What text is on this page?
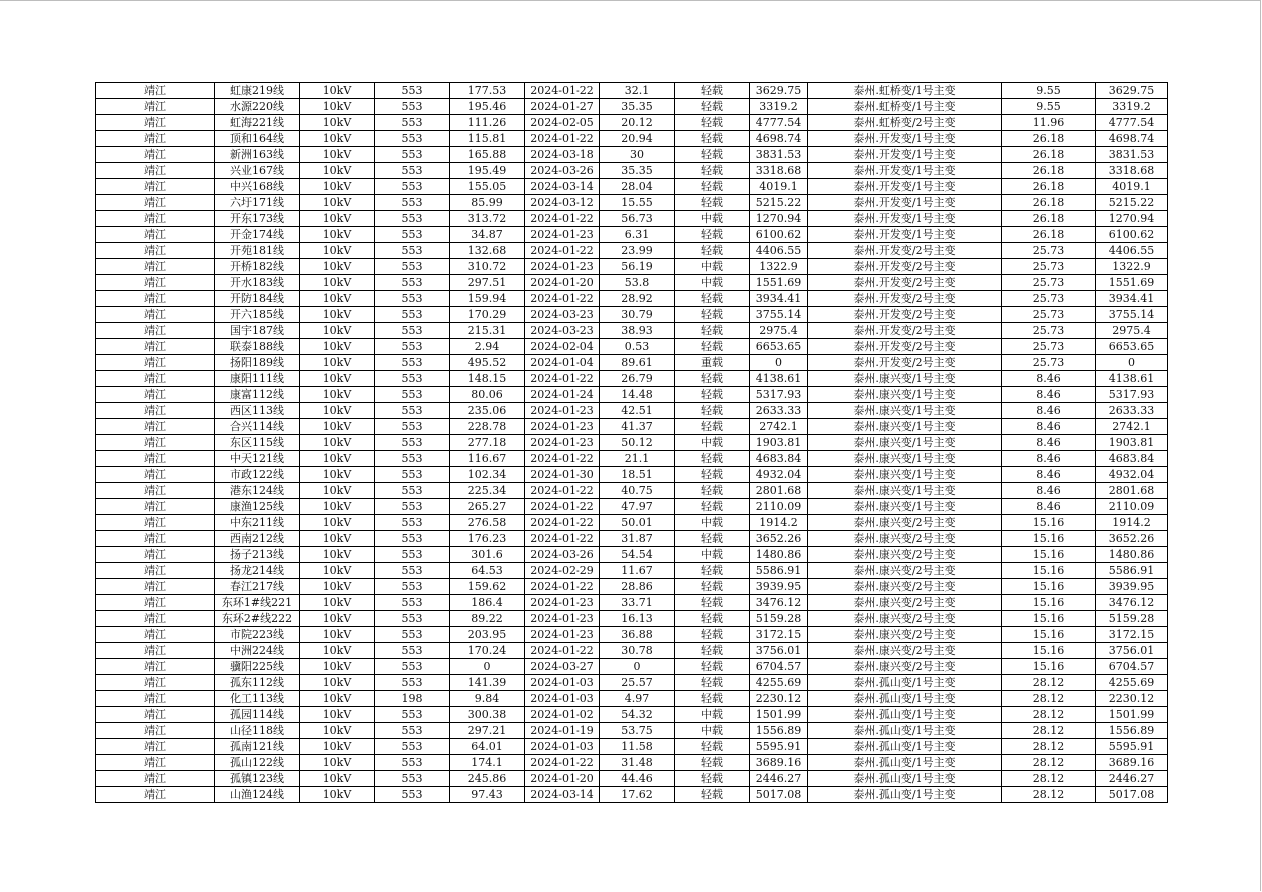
靖江	虹康219线	10kV	553	177.53	2024-01-22	32.1	轻载	3629.75	泰州.虹桥变/1号主变	9.55	3629.75
靖江	水源220线	10kV	553	195.46	2024-01-27	35.35	轻载	3319.2	泰州.虹桥变/1号主变	9.55	3319.2
靖江	虹海221线	10kV	553	111.26	2024-02-05	20.12	轻载	4777.54	泰州.虹桥变/2号主变	11.96	4777.54
靖江	顶和164线	10kV	553	115.81	2024-01-22	20.94	轻载	4698.74	泰州.开发变/1号主变	26.18	4698.74
靖江	新洲163线	10kV	553	165.88	2024-03-18	30	轻载	3831.53	泰州.开发变/1号主变	26.18	3831.53
靖江	兴业167线	10kV	553	195.49	2024-03-26	35.35	轻载	3318.68	泰州.开发变/1号主变	26.18	3318.68
靖江	中兴168线	10kV	553	155.05	2024-03-14	28.04	轻载	4019.1	泰州.开发变/1号主变	26.18	4019.1
靖江	六圩171线	10kV	553	85.99	2024-03-12	15.55	轻载	5215.22	泰州.开发变/1号主变	26.18	5215.22
靖江	开东173线	10kV	553	313.72	2024-01-22	56.73	中载	1270.94	泰州.开发变/1号主变	26.18	1270.94
靖江	开金174线	10kV	553	34.87	2024-01-23	6.31	轻载	6100.62	泰州.开发变/1号主变	26.18	6100.62
靖江	开苑181线	10kV	553	132.68	2024-01-22	23.99	轻载	4406.55	泰州.开发变/2号主变	25.73	4406.55
靖江	开桥182线	10kV	553	310.72	2024-01-23	56.19	中载	1322.9	泰州.开发变/2号主变	25.73	1322.9
靖江	开水183线	10kV	553	297.51	2024-01-20	53.8	中载	1551.69	泰州.开发变/2号主变	25.73	1551.69
靖江	开防184线	10kV	553	159.94	2024-01-22	28.92	轻载	3934.41	泰州.开发变/2号主变	25.73	3934.41
靖江	开六185线	10kV	553	170.29	2024-03-23	30.79	轻载	3755.14	泰州.开发变/2号主变	25.73	3755.14
靖江	国宇187线	10kV	553	215.31	2024-03-23	38.93	轻载	2975.4	泰州.开发变/2号主变	25.73	2975.4
靖江	联泰188线	10kV	553	2.94	2024-02-04	0.53	轻载	6653.65	泰州.开发变/2号主变	25.73	6653.65
靖江	扬阳189线	10kV	553	495.52	2024-01-04	89.61	重载	0	泰州.开发变/2号主变	25.73	0
靖江	康阳111线	10kV	553	148.15	2024-01-22	26.79	轻载	4138.61	泰州.康兴变/1号主变	8.46	4138.61
靖江	康富112线	10kV	553	80.06	2024-01-24	14.48	轻载	5317.93	泰州.康兴变/1号主变	8.46	5317.93
靖江	西区113线	10kV	553	235.06	2024-01-23	42.51	轻载	2633.33	泰州.康兴变/1号主变	8.46	2633.33
靖江	合兴114线	10kV	553	228.78	2024-01-23	41.37	轻载	2742.1	泰州.康兴变/1号主变	8.46	2742.1
靖江	东区115线	10kV	553	277.18	2024-01-23	50.12	中载	1903.81	泰州.康兴变/1号主变	8.46	1903.81
靖江	中天121线	10kV	553	116.67	2024-01-22	21.1	轻载	4683.84	泰州.康兴变/1号主变	8.46	4683.84
靖江	市政122线	10kV	553	102.34	2024-01-30	18.51	轻载	4932.04	泰州.康兴变/1号主变	8.46	4932.04
靖江	港东124线	10kV	553	225.34	2024-01-22	40.75	轻载	2801.68	泰州.康兴变/1号主变	8.46	2801.68
靖江	康渔125线	10kV	553	265.27	2024-01-22	47.97	轻载	2110.09	泰州.康兴变/1号主变	8.46	2110.09
靖江	中东211线	10kV	553	276.58	2024-01-22	50.01	中载	1914.2	泰州.康兴变/2号主变	15.16	1914.2
靖江	西南212线	10kV	553	176.23	2024-01-22	31.87	轻载	3652.26	泰州.康兴变/2号主变	15.16	3652.26
靖江	扬子213线	10kV	553	301.6	2024-03-26	54.54	中载	1480.86	泰州.康兴变/2号主变	15.16	1480.86
靖江	扬龙214线	10kV	553	64.53	2024-02-29	11.67	轻载	5586.91	泰州.康兴变/2号主变	15.16	5586.91
靖江	春江217线	10kV	553	159.62	2024-01-22	28.86	轻载	3939.95	泰州.康兴变/2号主变	15.16	3939.95
靖江	东环1#线221	10kV	553	186.4	2024-01-23	33.71	轻载	3476.12	泰州.康兴变/2号主变	15.16	3476.12
靖江	东环2#线222	10kV	553	89.22	2024-01-23	16.13	轻载	5159.28	泰州.康兴变/2号主变	15.16	5159.28
靖江	市院223线	10kV	553	203.95	2024-01-23	36.88	轻载	3172.15	泰州.康兴变/2号主变	15.16	3172.15
靖江	中洲224线	10kV	553	170.24	2024-01-22	30.78	轻载	3756.01	泰州.康兴变/2号主变	15.16	3756.01
靖江	骥阳225线	10kV	553	0	2024-03-27	0	轻载	6704.57	泰州.康兴变/2号主变	15.16	6704.57
靖江	孤东112线	10kV	553	141.39	2024-01-03	25.57	轻载	4255.69	泰州.孤山变/1号主变	28.12	4255.69
靖江	化工113线	10kV	198	9.84	2024-01-03	4.97	轻载	2230.12	泰州.孤山变/1号主变	28.12	2230.12
靖江	孤园114线	10kV	553	300.38	2024-01-02	54.32	中载	1501.99	泰州.孤山变/1号主变	28.12	1501.99
靖江	山径118线	10kV	553	297.21	2024-01-19	53.75	中载	1556.89	泰州.孤山变/1号主变	28.12	1556.89
靖江	孤南121线	10kV	553	64.01	2024-01-03	11.58	轻载	5595.91	泰州.孤山变/1号主变	28.12	5595.91
靖江	孤山122线	10kV	553	174.1	2024-01-22	31.48	轻载	3689.16	泰州.孤山变/1号主变	28.12	3689.16
靖江	孤镇123线	10kV	553	245.86	2024-01-20	44.46	轻载	2446.27	泰州.孤山变/1号主变	28.12	2446.27
靖江	山渔124线	10kV	553	97.43	2024-03-14	17.62	轻载	5017.08	泰州.孤山变/1号主变	28.12	5017.08
